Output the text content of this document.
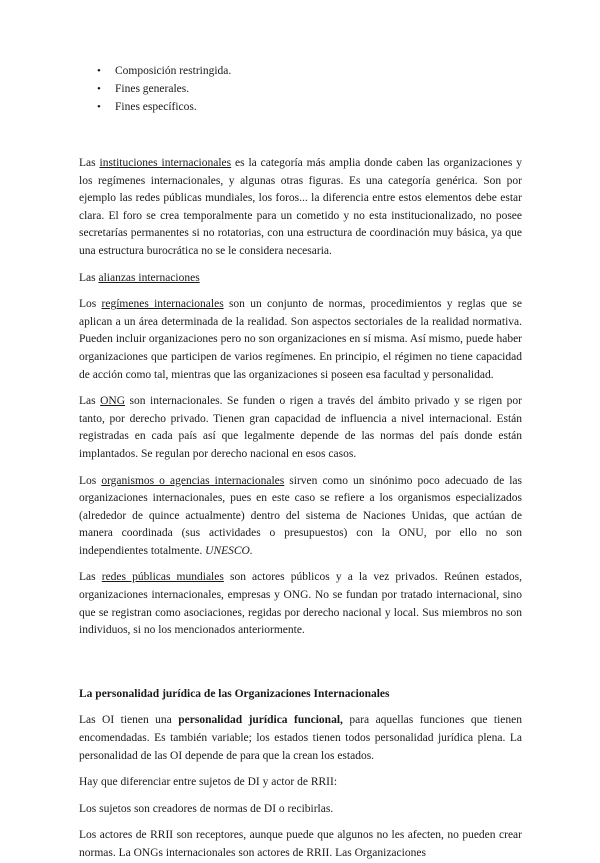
• Composición restringida.
• Fines generales.
• Fines específicos.

Las instituciones internacionales es la categoría más amplia donde caben las organizaciones y los regímenes internacionales, y algunas otras figuras. Es una categoría genérica. Son por ejemplo las redes públicas mundiales, los foros... la diferencia entre estos elementos debe estar clara. El foro se crea temporalmente para un cometido y no esta institucionalizado, no posee secretarías permanentes si no rotatorias, con una estructura de coordinación muy básica, ya que una estructura burocrática no se le considera necesaria.

Las alianzas internaciones

Los regímenes internacionales son un conjunto de normas, procedimientos y reglas que se aplican a un área determinada de la realidad. Son aspectos sectoriales de la realidad normativa. Pueden incluir organizaciones pero no son organizaciones en sí misma. Así mismo, puede haber organizaciones que participen de varios regímenes. En principio, el régimen no tiene capacidad de acción como tal, mientras que las organizaciones si poseen esa facultad y personalidad.

Las ONG son internacionales. Se funden o rigen a través del ámbito privado y se rigen por tanto, por derecho privado. Tienen gran capacidad de influencia a nivel internacional. Están registradas en cada país así que legalmente depende de las normas del país donde están implantados. Se regulan por derecho nacional en esos casos.

Los organismos o agencias internacionales sirven como un sinónimo poco adecuado de las organizaciones internacionales, pues en este caso se refiere a los organismos especializados (alrededor de quince actualmente) dentro del sistema de Naciones Unidas, que actúan de manera coordinada (sus actividades o presupuestos) con la ONU, por ello no son independientes totalmente. UNESCO.

Las redes públicas mundiales son actores públicos y a la vez privados. Reúnen estados, organizaciones internacionales, empresas y ONG. No se fundan por tratado internacional, sino que se registran como asociaciones, regidas por derecho nacional y local. Sus miembros no son individuos, si no los mencionados anteriormente.

La personalidad jurídica de las Organizaciones Internacionales

Las OI tienen una personalidad jurídica funcional, para aquellas funciones que tienen encomendadas. Es también variable; los estados tienen todos personalidad jurídica plena. La personalidad de las OI depende de para que la crean los estados.

Hay que diferenciar entre sujetos de DI y actor de RRII:

Los sujetos son creadores de normas de DI o recibirlas.

Los actores de RRII son receptores, aunque puede que algunos no les afecten, no pueden crear normas. La ONGs internacionales son actores de RRII. Las Organizaciones
